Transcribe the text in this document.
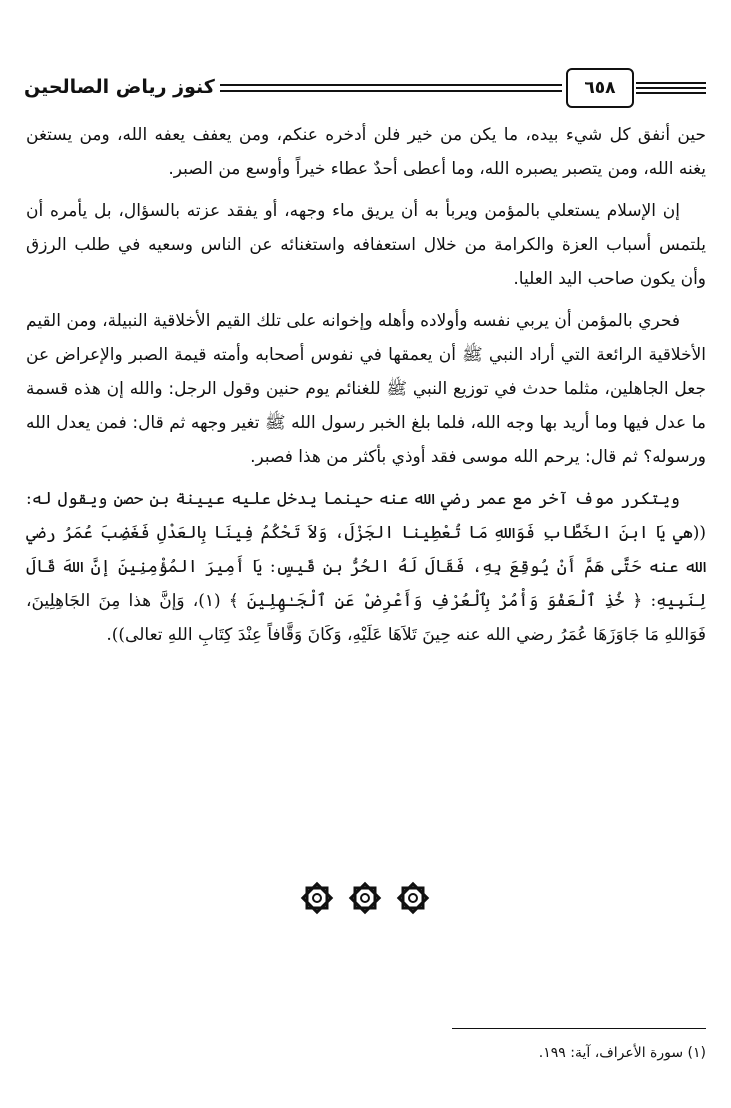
٦٥٨
كنوز رياض الصالحين

حين أنفق كل شيء بيده، ما يكن من خير فلن أدخره عنكم، ومن يعفف يعفه الله، ومن يستغن يغنه الله، ومن يتصبر يصبره الله، وما أعطى أحدٌ عطاء خيراً وأوسع من الصبر.

إن الإسلام يستعلي بالمؤمن ويربأ به أن يريق ماء وجهه، أو يفقد عزته بالسؤال، بل يأمره أن يلتمس أسباب العزة والكرامة من خلال استعفافه واستغنائه عن الناس وسعيه في طلب الرزق وأن يكون صاحب اليد العليا.

فحري بالمؤمن أن يربي نفسه وأولاده وأهله وإخوانه على تلك القيم الأخلاقية النبيلة، ومن القيم الأخلاقية الرائعة التي أراد النبي ﷺ أن يعمقها في نفوس أصحابه وأمته قيمة الصبر والإعراض عن جعل الجاهلين، مثلما حدث في توزيع النبي ﷺ للغنائم يوم حنين وقول الرجل: والله إن هذه قسمة ما عدل فيها وما أريد بها وجه الله، فلما بلغ الخبر رسول الله ﷺ تغير وجهه ثم قال: فمن يعدل الله ورسوله؟ ثم قال: يرحم الله موسى فقد أوذي بأكثر من هذا فصبر.

ويتكرر موف آخر مع عمر رضي الله عنه حينما يدخل عليه عيينة بن حصن ويقول له: ((هي يَا ابنَ الخَطَّابِ فَوَاللهِ مَا تُعْطِينا الجَزْلَ، وَلاَ تَحْكُمُ فِينَا بِالعَدْلِ فَغَضِبَ عُمَرُ رضي الله عنه حَتَّى هَمَّ أَنْ يُوقِعَ بِهِ، فَقَالَ لَهُ الحُرُّ بن قَيسٍ: يَا أَمِيرَ المُؤْمِنِينَ إنَّ اللهَ قَالَ لِنَبِيهِ: ﴿ خُذِ ٱلْعَفْوَ وَأْمُرْ بِٱلْعُرْفِ وَأَعْرِضْ عَنِ ٱلْجَـٰهِلِينَ ﴾ (١)، وَإنَّ هذا مِنَ الجَاهِلِينَ، فَوَاللهِ مَا جَاوَزَهَا عُمَرُ رضي الله عنه حِينَ تَلاَهَا عَلَيْهِ، وَكَانَ وَقَّافاً عِنْدَ كِتَابِ اللهِ تعالى)).

(١) سورة الأعراف، آية: ١٩٩.
